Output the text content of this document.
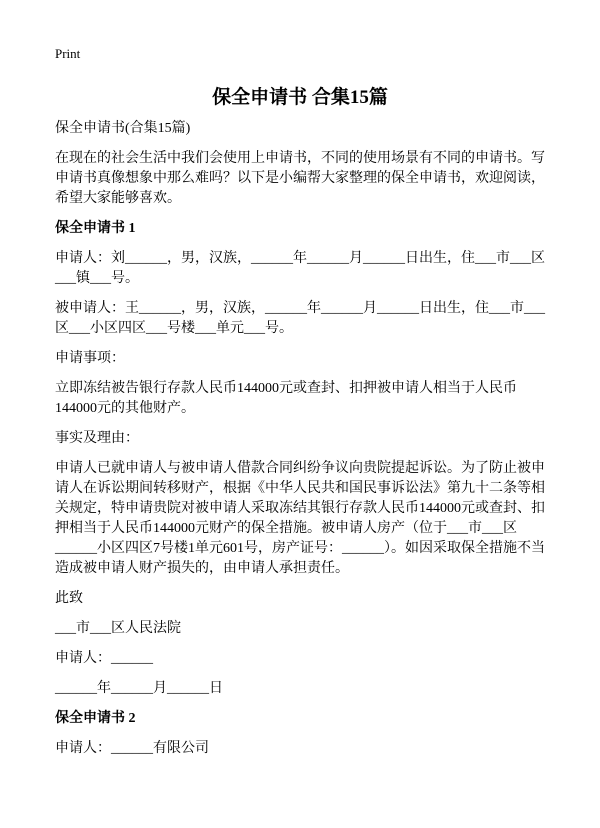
Print
保全申请书 合集15篇

保全申请书(合集15篇)

在现在的社会生活中我们会使用上申请书，不同的使用场景有不同的申请书。写申请书真像想象中那么难吗？以下是小编帮大家整理的保全申请书，欢迎阅读，希望大家能够喜欢。

保全申请书 1

申请人：刘______，男，汉族，______年______月______日出生，住___市___区___镇___号。

被申请人：王______，男，汉族，______年______月______日出生，住___市___区___小区四区___号楼___单元___号。

申请事项：

立即冻结被告银行存款人民币144000元或查封、扣押被申请人相当于人民币144000元的其他财产。

事实及理由：

申请人已就申请人与被申请人借款合同纠纷争议向贵院提起诉讼。为了防止被申请人在诉讼期间转移财产，根据《中华人民共和国民事诉讼法》第九十二条等相关规定，特申请贵院对被申请人采取冻结其银行存款人民币144000元或查封、扣押相当于人民币144000元财产的保全措施。被申请人房产（位于___市___区______小区四区7号楼1单元601号，房产证号：______）。如因采取保全措施不当造成被申请人财产损失的，由申请人承担责任。

此致

___市___区人民法院

申请人：______

______年______月______日

保全申请书 2

申请人：______有限公司
